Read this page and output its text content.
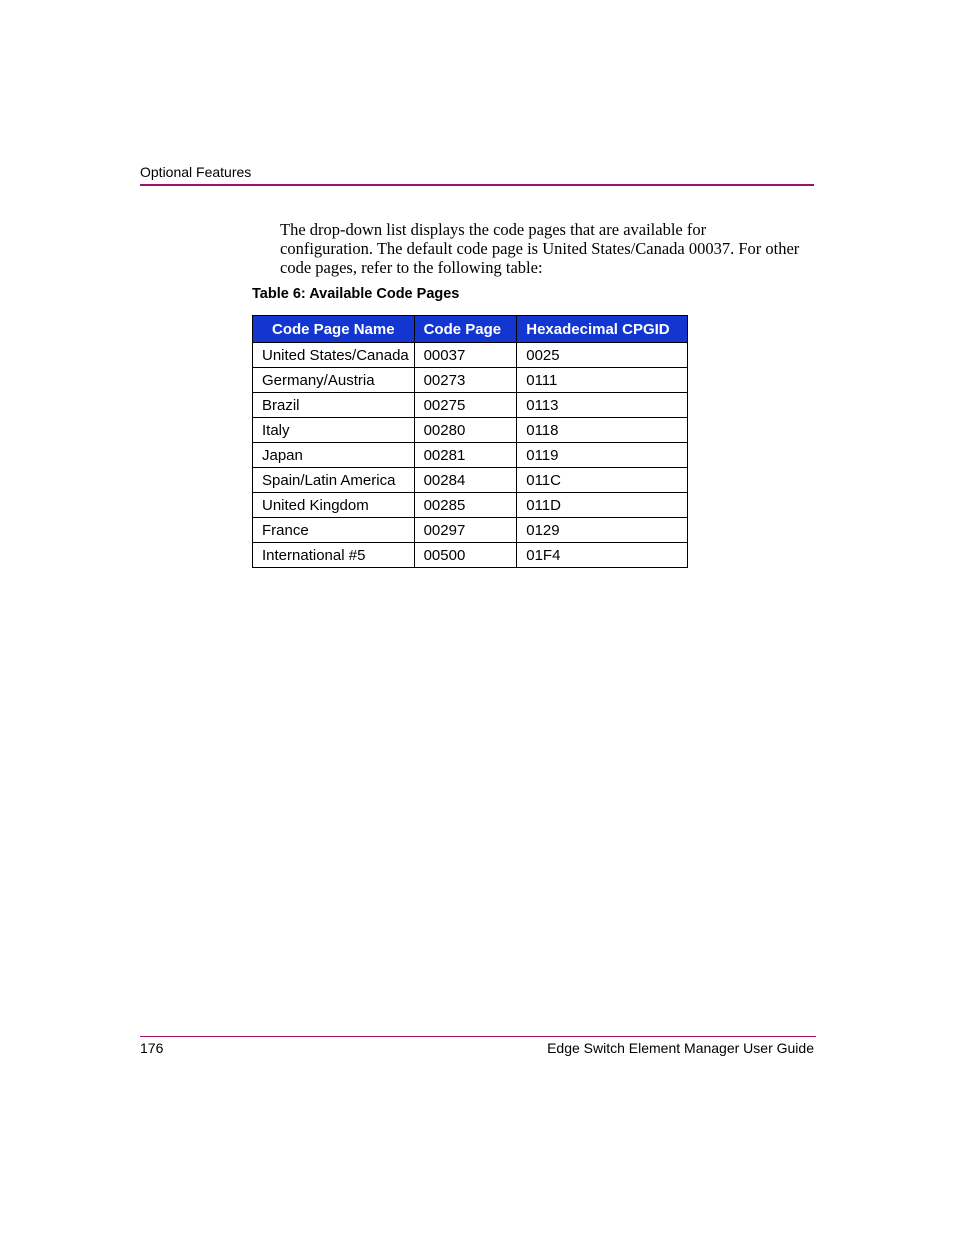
Optional Features

The drop-down list displays the code pages that are available for configuration. The default code page is United States/Canada 00037. For other code pages, refer to the following table:

Table 6: Available Code Pages
Code Page Name	Code Page	Hexadecimal CPGID
United States/Canada	00037	0025
Germany/Austria	00273	0111
Brazil	00275	0113
Italy	00280	0118
Japan	00281	0119
Spain/Latin America	00284	011C
United Kingdom	00285	011D
France	00297	0129
International #5	00500	01F4
176	Edge Switch Element Manager User Guide
